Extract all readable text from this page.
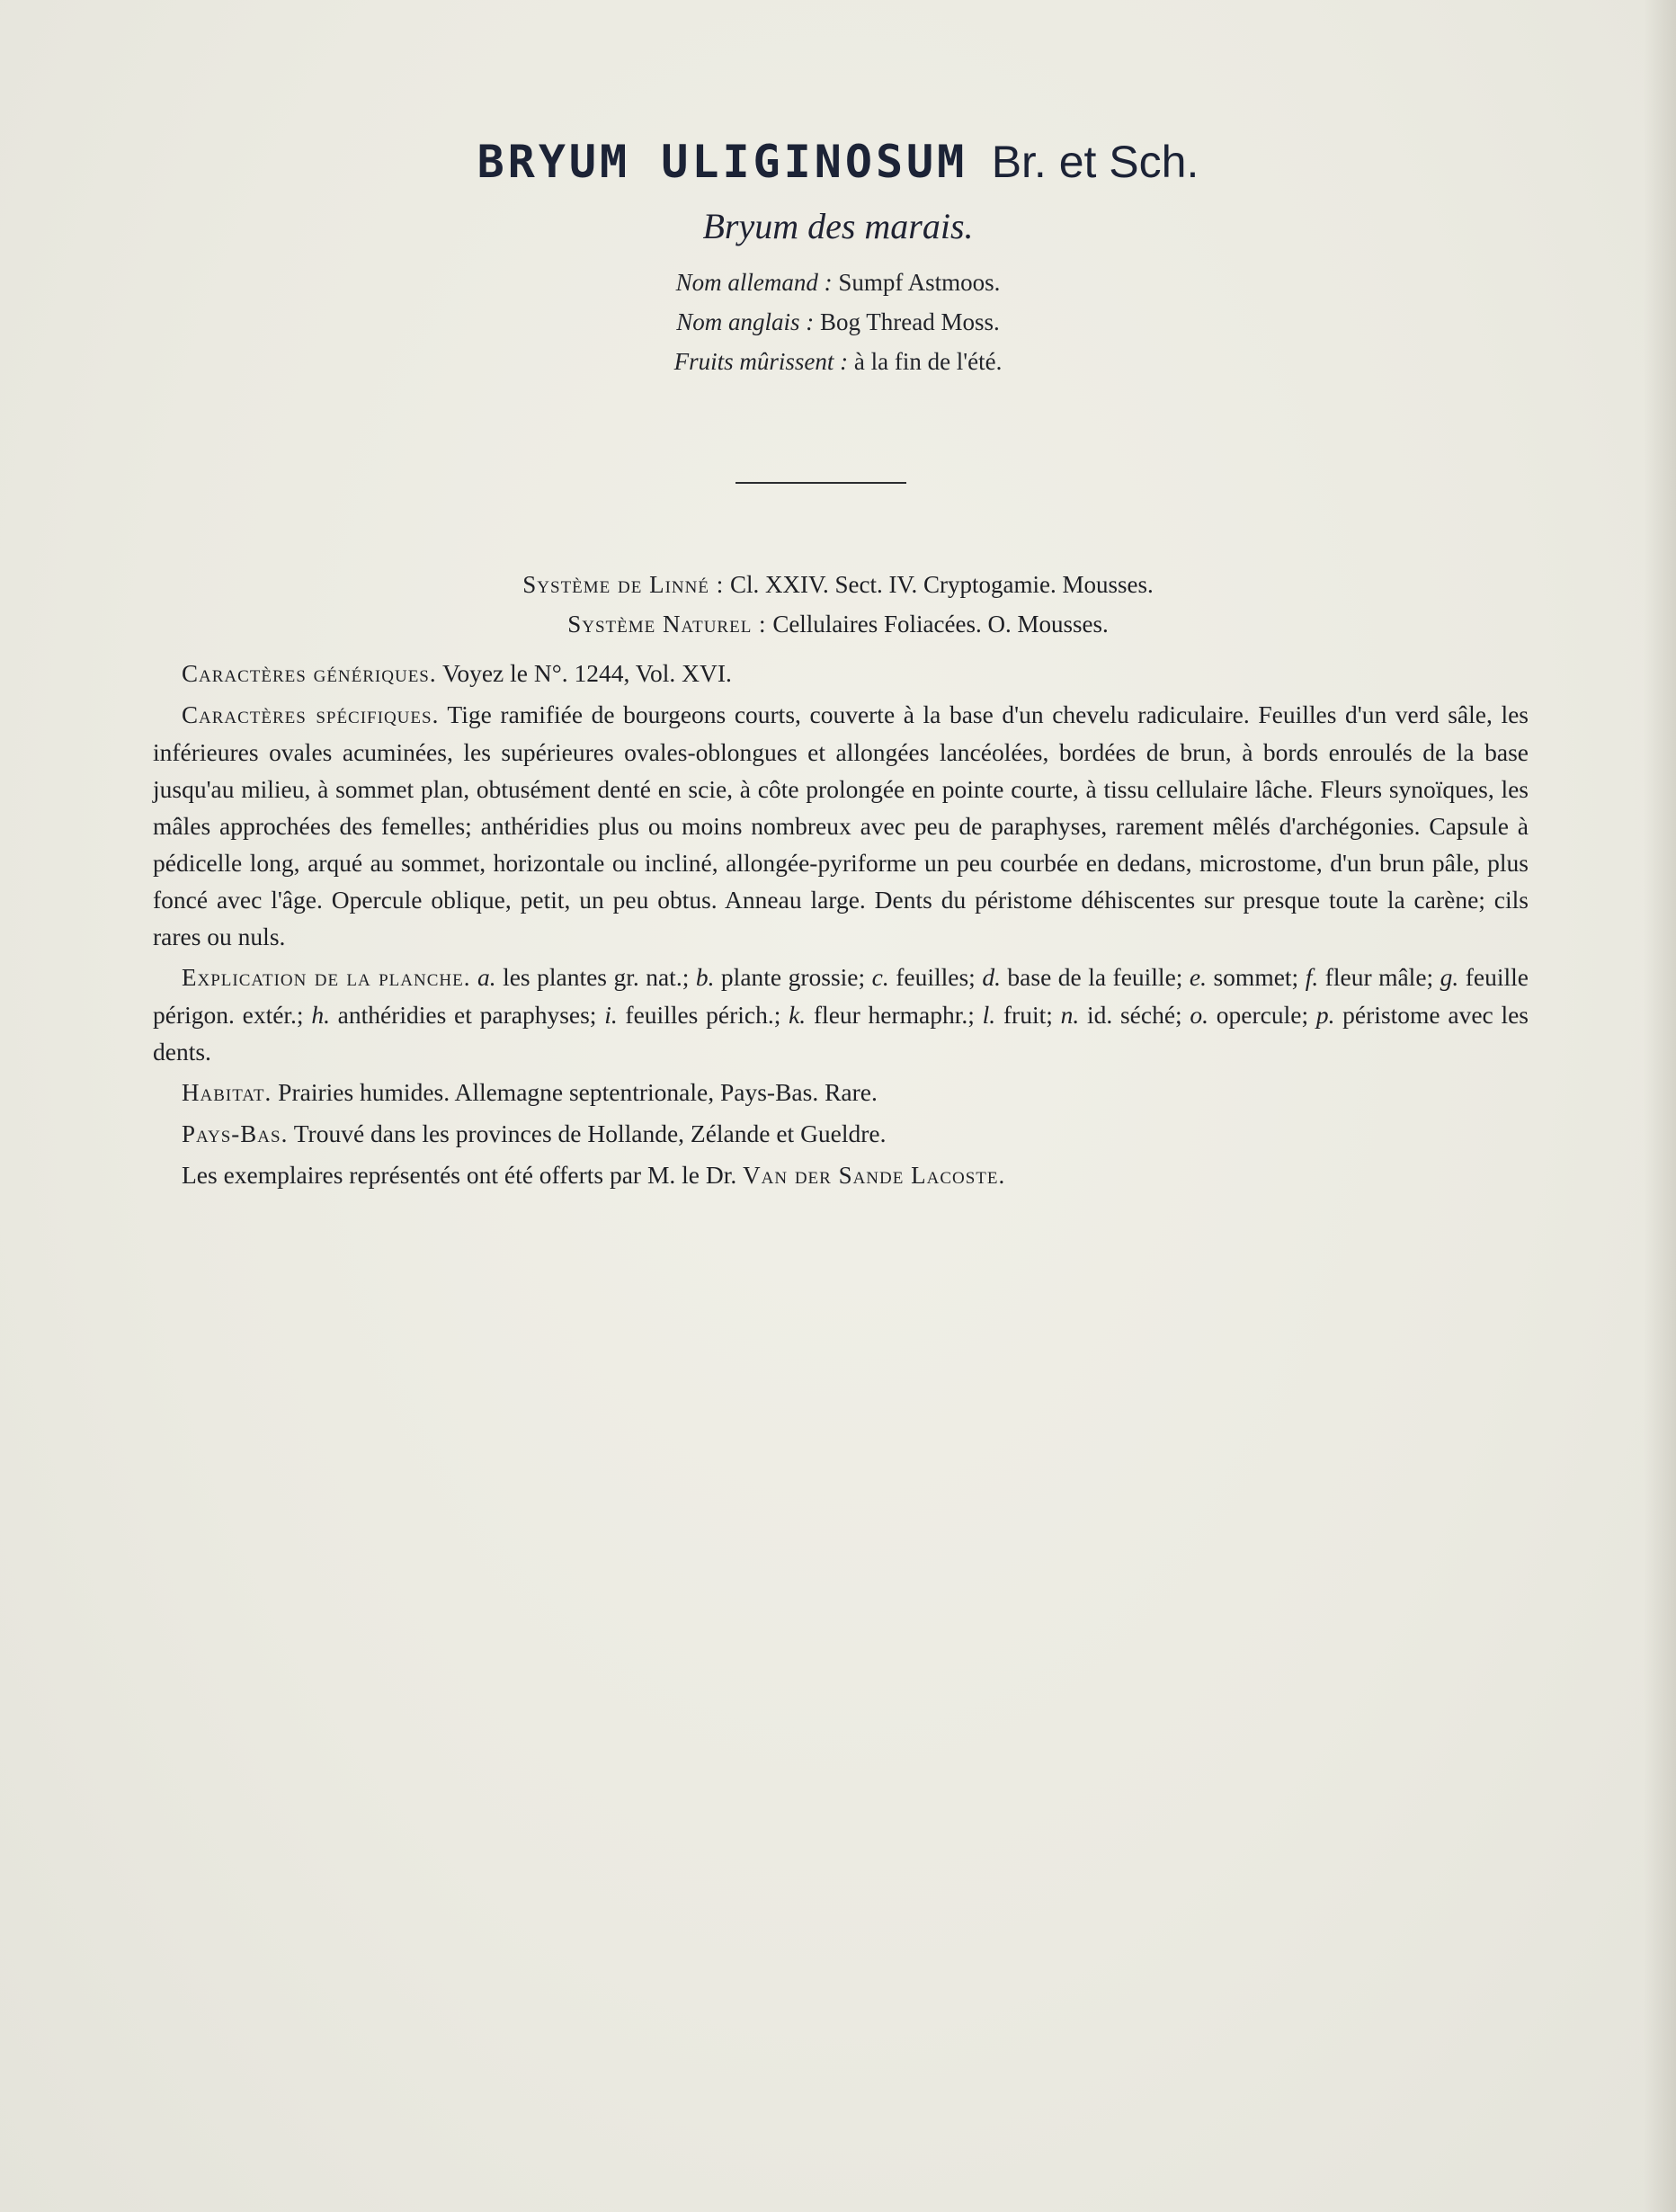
BRYUM ULIGINOSUM Br. et Sch.
Bryum des marais.
Nom allemand : Sumpf Astmoos.
Nom anglais : Bog Thread Moss.
Fruits mûrissent : à la fin de l'été.
Système de Linné : Cl. XXIV. Sect. IV. Cryptogamie. Mousses.
Système Naturel : Cellulaires Foliacées. O. Mousses.

Caractères génériques. Voyez le N°. 1244, Vol. XVI.

Caractères spécifiques. Tige ramifiée de bourgeons courts, couverte à la base d'un chevelu radiculaire. Feuilles d'un verd sâle, les inférieures ovales acuminées, les supérieures ovales-oblongues et allongées lancéolées, bordées de brun, à bords enroulés de la base jusqu'au milieu, à sommet plan, obtusément denté en scie, à côte prolongée en pointe courte, à tissu cellulaire lâche. Fleurs synoïques, les mâles approchées des femelles; anthéridies plus ou moins nombreux avec peu de paraphyses, rarement mêlés d'archégonies. Capsule à pédicelle long, arqué au sommet, horizontale ou incliné, allongée-pyriforme un peu courbée en dedans, microstome, d'un brun pâle, plus foncé avec l'âge. Opercule oblique, petit, un peu obtus. Anneau large. Dents du péristome déhiscentes sur presque toute la carène; cils rares ou nuls.

Explication de la planche. a. les plantes gr. nat.; b. plante grossie; c. feuilles; d. base de la feuille; e. sommet; f. fleur mâle; g. feuille périgon. extér.; h. anthéridies et paraphyses; i. feuilles périch.; k. fleur hermaphr.; l. fruit; n. id. séché; o. opercule; p. péristome avec les dents.

Habitat. Prairies humides. Allemagne septentrionale, Pays-Bas. Rare.

Pays-Bas. Trouvé dans les provinces de Hollande, Zélande et Gueldre.

Les exemplaires représentés ont été offerts par M. le Dr. Van der Sande Lacoste.
